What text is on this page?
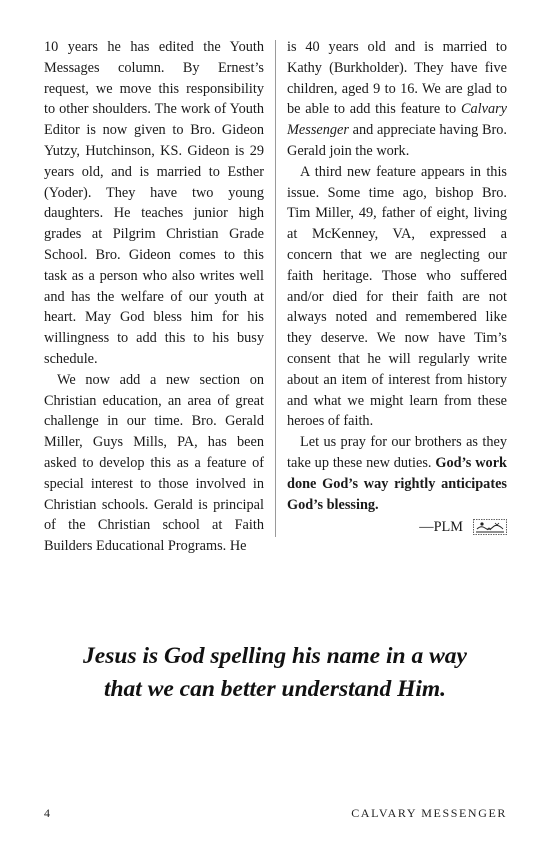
10 years he has edited the Youth Messages column. By Ernest’s request, we move this responsibility to other shoulders. The work of Youth Editor is now given to Bro. Gideon Yutzy, Hutchinson, KS. Gideon is 29 years old, and is married to Esther (Yoder). They have two young daughters. He teaches junior high grades at Pilgrim Christian Grade School. Bro. Gideon comes to this task as a person who also writes well and has the welfare of our youth at heart. May God bless him for his willingness to add this to his busy schedule.

We now add a new section on Christian education, an area of great challenge in our time. Bro. Gerald Miller, Guys Mills, PA, has been asked to develop this as a feature of special interest to those involved in Christian schools. Gerald is principal of the Christian school at Faith Builders Educational Programs. He

is 40 years old and is married to Kathy (Burkholder). They have five children, aged 9 to 16. We are glad to be able to add this feature to Calvary Messenger and appreciate having Bro. Gerald join the work.

A third new feature appears in this issue. Some time ago, bishop Bro. Tim Miller, 49, father of eight, living at McKenney, VA, expressed a concern that we are neglecting our faith heritage. Those who suffered and/or died for their faith are not always noted and remembered like they deserve. We now have Tim’s consent that he will regularly write about an item of interest from history and what we might learn from these heroes of faith.

Let us pray for our brothers as they take up these new duties. God’s work done God’s way rightly anticipates God’s blessing.

—PLM
Jesus is God spelling his name in a way
that we can better understand Him.
4	CALVARY MESSENGER
